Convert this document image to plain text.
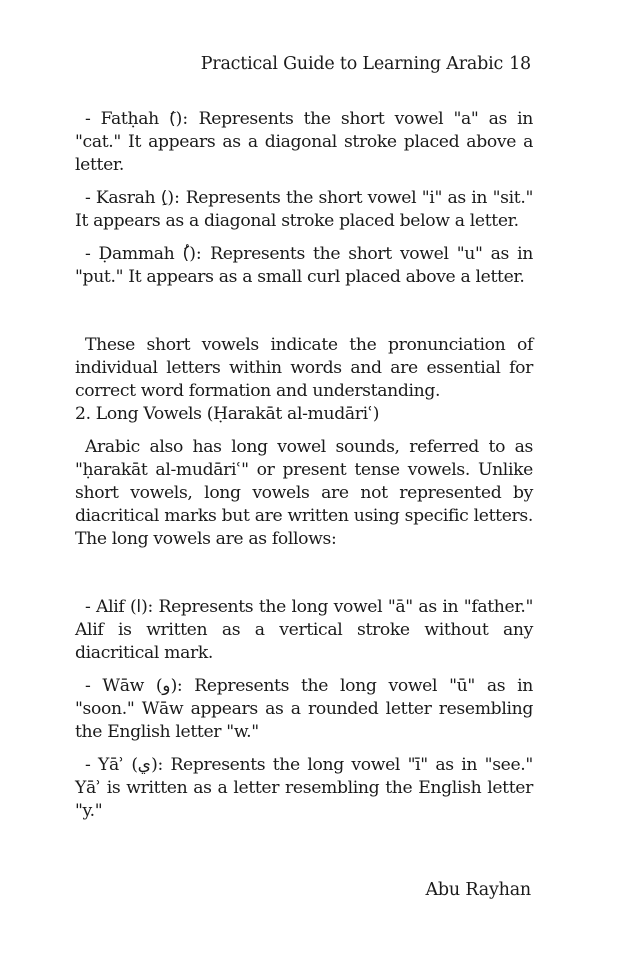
Practical Guide to Learning Arabic 18

- Fatḥah (َ): Represents the short vowel "a" as in "cat." It appears as a diagonal stroke placed above a letter.

- Kasrah (ِ): Represents the short vowel "i" as in "sit." It appears as a diagonal stroke placed below a letter.

- Ḍammah (ُ): Represents the short vowel "u" as in "put." It appears as a small curl placed above a letter.

These short vowels indicate the pronunciation of individual letters within words and are essential for correct word formation and understanding.

2. Long Vowels (Ḥarakāt al-mudāriʿ)

Arabic also has long vowel sounds, referred to as "ḥarakāt al-mudāriʿ" or present tense vowels. Unlike short vowels, long vowels are not represented by diacritical marks but are written using specific letters. The long vowels are as follows:

- Alif (ا): Represents the long vowel "ā" as in "father." Alif is written as a vertical stroke without any diacritical mark.

- Wāw (و): Represents the long vowel "ū" as in "soon." Wāw appears as a rounded letter resembling the English letter "w."

- Yāʾ (ي): Represents the long vowel "ī" as in "see." Yāʾ is written as a letter resembling the English letter "y."

Abu Rayhan
